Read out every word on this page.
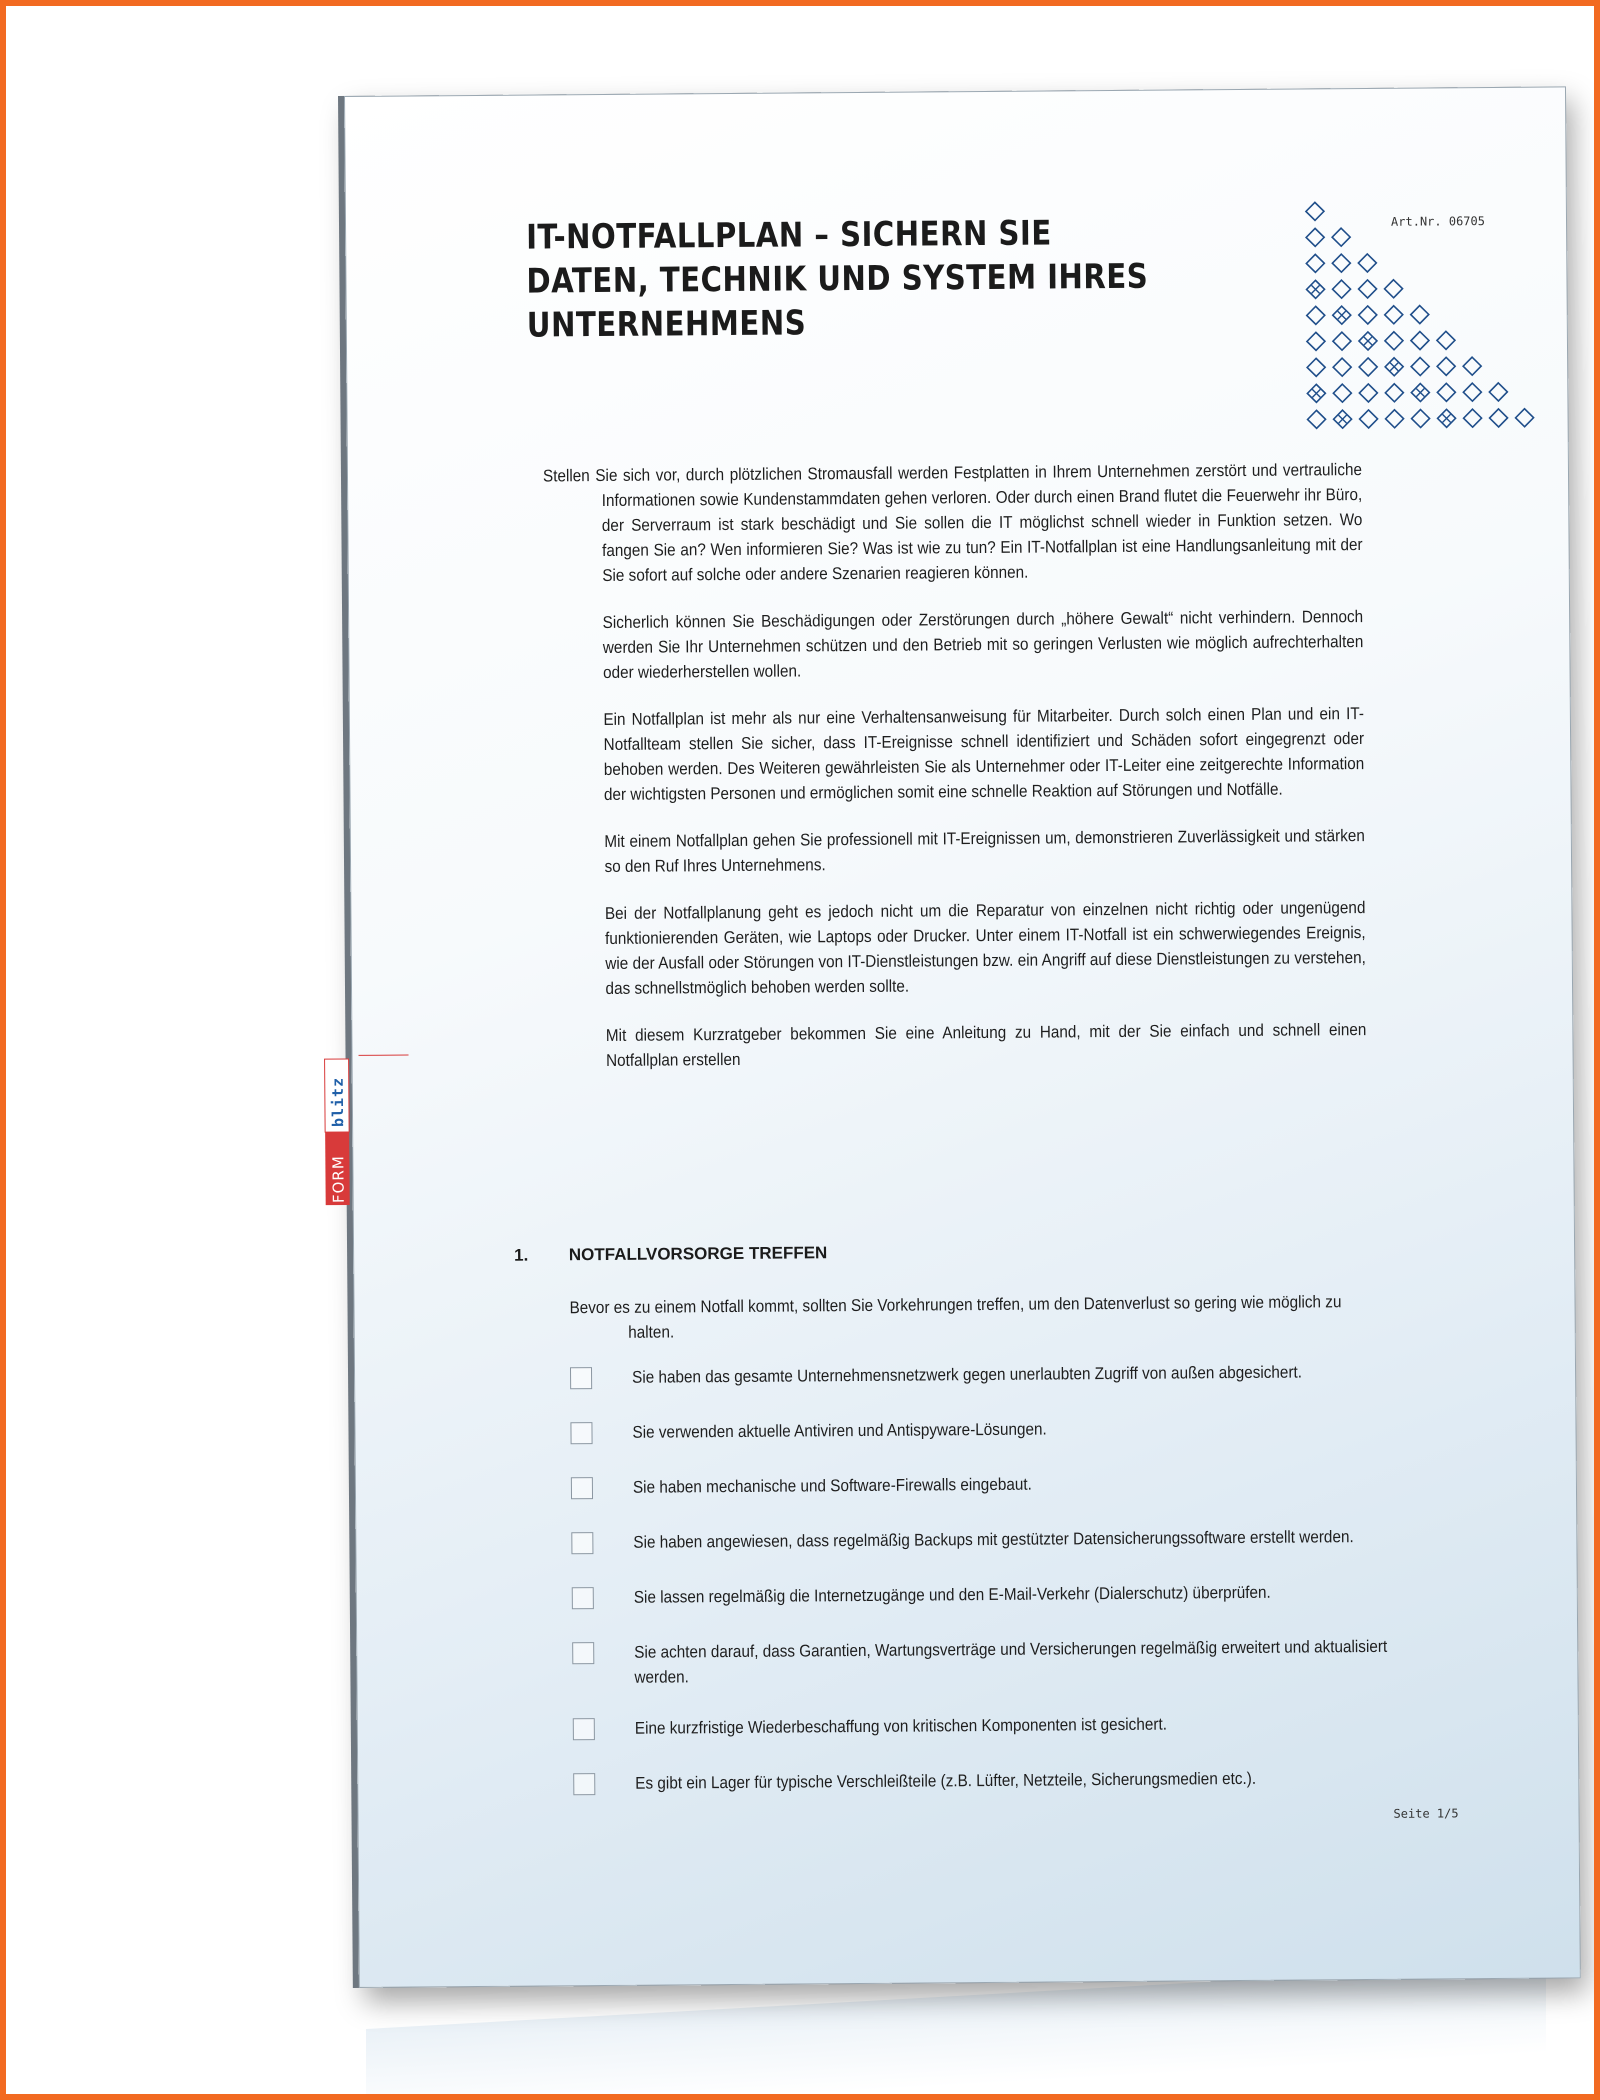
IT-NOTFALLPLAN – SICHERN SIE DATEN, TECHNIK UND SYSTEM IHRES UNTERNEHMENS
Art.Nr. 06705
FORM
blitz

Stellen Sie sich vor, durch plötzlichen Stromausfall werden Festplatten in Ihrem Unternehmen zerstört und vertrauliche Informationen sowie Kundenstammdaten gehen verloren. Oder durch einen Brand flutet die Feuerwehr ihr Büro, der Serverraum ist stark beschädigt und Sie sollen die IT möglichst schnell wieder in Funktion setzen. Wo fangen Sie an? Wen informieren Sie? Was ist wie zu tun? Ein IT-Notfallplan ist eine Handlungsanleitung mit der Sie sofort auf solche oder andere Szenarien reagieren können.

Sicherlich können Sie Beschädigungen oder Zerstörungen durch „höhere Gewalt“ nicht verhindern. Dennoch werden Sie Ihr Unternehmen schützen und den Betrieb mit so geringen Verlusten wie möglich aufrechterhalten oder wiederherstellen wollen.

Ein Notfallplan ist mehr als nur eine Verhaltensanweisung für Mitarbeiter. Durch solch einen Plan und ein IT-Notfallteam stellen Sie sicher, dass IT-Ereignisse schnell identifiziert und Schäden sofort eingegrenzt oder behoben werden. Des Weiteren gewährleisten Sie als Unternehmer oder IT-Leiter eine zeitgerechte Information der wichtigsten Personen und ermöglichen somit eine schnelle Reaktion auf Störungen und Notfälle.

Mit einem Notfallplan gehen Sie professionell mit IT-Ereignissen um, demonstrieren Zuverlässigkeit und stärken so den Ruf Ihres Unternehmens.

Bei der Notfallplanung geht es jedoch nicht um die Reparatur von einzelnen nicht richtig oder ungenügend funktionierenden Geräten, wie Laptops oder Drucker. Unter einem IT-Notfall ist ein schwerwiegendes Ereignis, wie der Ausfall oder Störungen von IT-Dienstleistungen bzw. ein Angriff auf diese Dienstleistungen zu verstehen, das schnellstmöglich behoben werden sollte.

Mit diesem Kurzratgeber bekommen Sie eine Anleitung zu Hand, mit der Sie einfach und schnell einen Notfallplan erstellen

1. NOTFALLVORSORGE TREFFEN
Bevor es zu einem Notfall kommt, sollten Sie Vorkehrungen treffen, um den Datenverlust so gering wie möglich zu
halten.
Sie haben das gesamte Unternehmensnetzwerk gegen unerlaubten Zugriff von außen abgesichert.
Sie verwenden aktuelle Antiviren und Antispyware-Lösungen.
Sie haben mechanische und Software-Firewalls eingebaut.
Sie haben angewiesen, dass regelmäßig Backups mit gestützter Datensicherungssoftware erstellt werden.
Sie lassen regelmäßig die Internetzugänge und den E-Mail-Verkehr (Dialerschutz) überprüfen.
Sie achten darauf, dass Garantien, Wartungsverträge und Versicherungen regelmäßig erweitert und aktualisiert werden.
Eine kurzfristige Wiederbeschaffung von kritischen Komponenten ist gesichert.
Es gibt ein Lager für typische Verschleißteile (z.B. Lüfter, Netzteile, Sicherungsmedien etc.).
Seite 1/5
